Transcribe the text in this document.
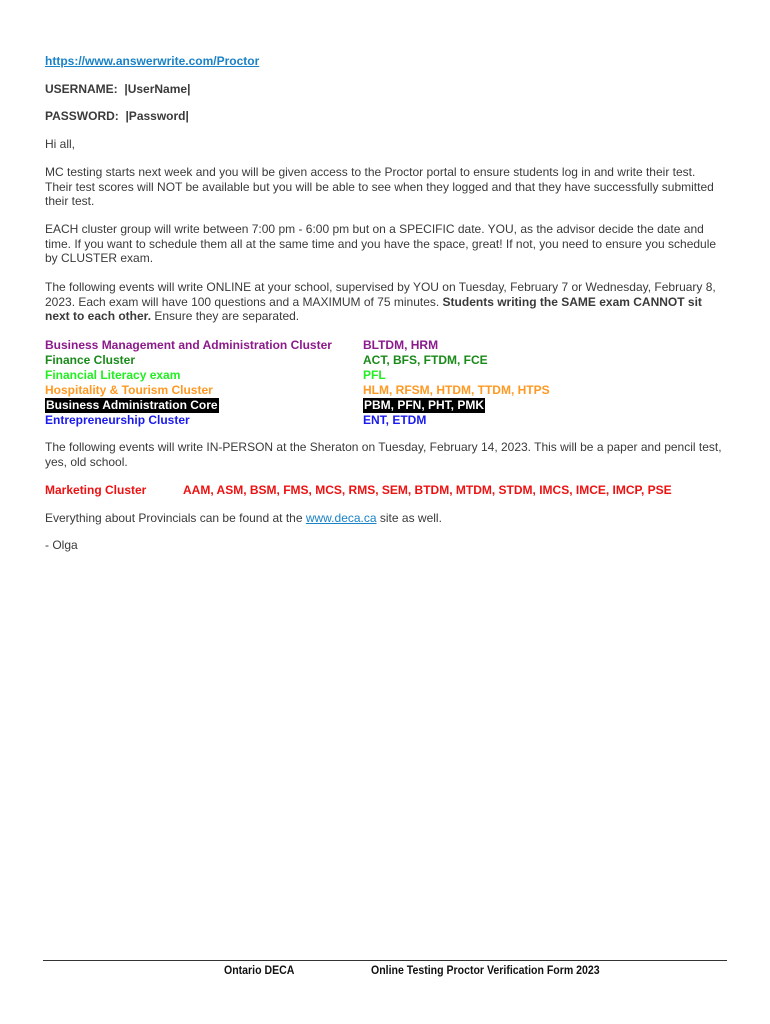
https://www.answerwrite.com/Proctor
USERNAME: |UserName|
PASSWORD: |Password|
Hi all,
MC testing starts next week and you will be given access to the Proctor portal to ensure students log in and write their test. Their test scores will NOT be available but you will be able to see when they logged and that they have successfully submitted their test.
EACH cluster group will write between 7:00 pm - 6:00 pm but on a SPECIFIC date. YOU, as the advisor decide the date and time. If you want to schedule them all at the same time and you have the space, great! If not, you need to ensure you schedule by CLUSTER exam.
The following events will write ONLINE at your school, supervised by YOU on Tuesday, February 7 or Wednesday, February 8, 2023. Each exam will have 100 questions and a MAXIMUM of 75 minutes. Students writing the SAME exam CANNOT sit next to each other. Ensure they are separated.
Business Management and Administration Cluster	BLTDM, HRM
Finance Cluster	ACT, BFS, FTDM, FCE
Financial Literacy exam	PFL
Hospitality & Tourism Cluster	HLM, RFSM, HTDM, TTDM, HTPS
Business Administration Core	PBM, PFN, PHT, PMK
Entrepreneurship Cluster	ENT, ETDM
The following events will write IN-PERSON at the Sheraton on Tuesday, February 14, 2023. This will be a paper and pencil test, yes, old school.
Marketing Cluster	AAM, ASM, BSM, FMS, MCS, RMS, SEM, BTDM, MTDM, STDM, IMCS, IMCE, IMCP, PSE
Everything about Provincials can be found at the www.deca.ca site as well.
- Olga
Ontario DECA	Online Testing Proctor Verification Form 2023
